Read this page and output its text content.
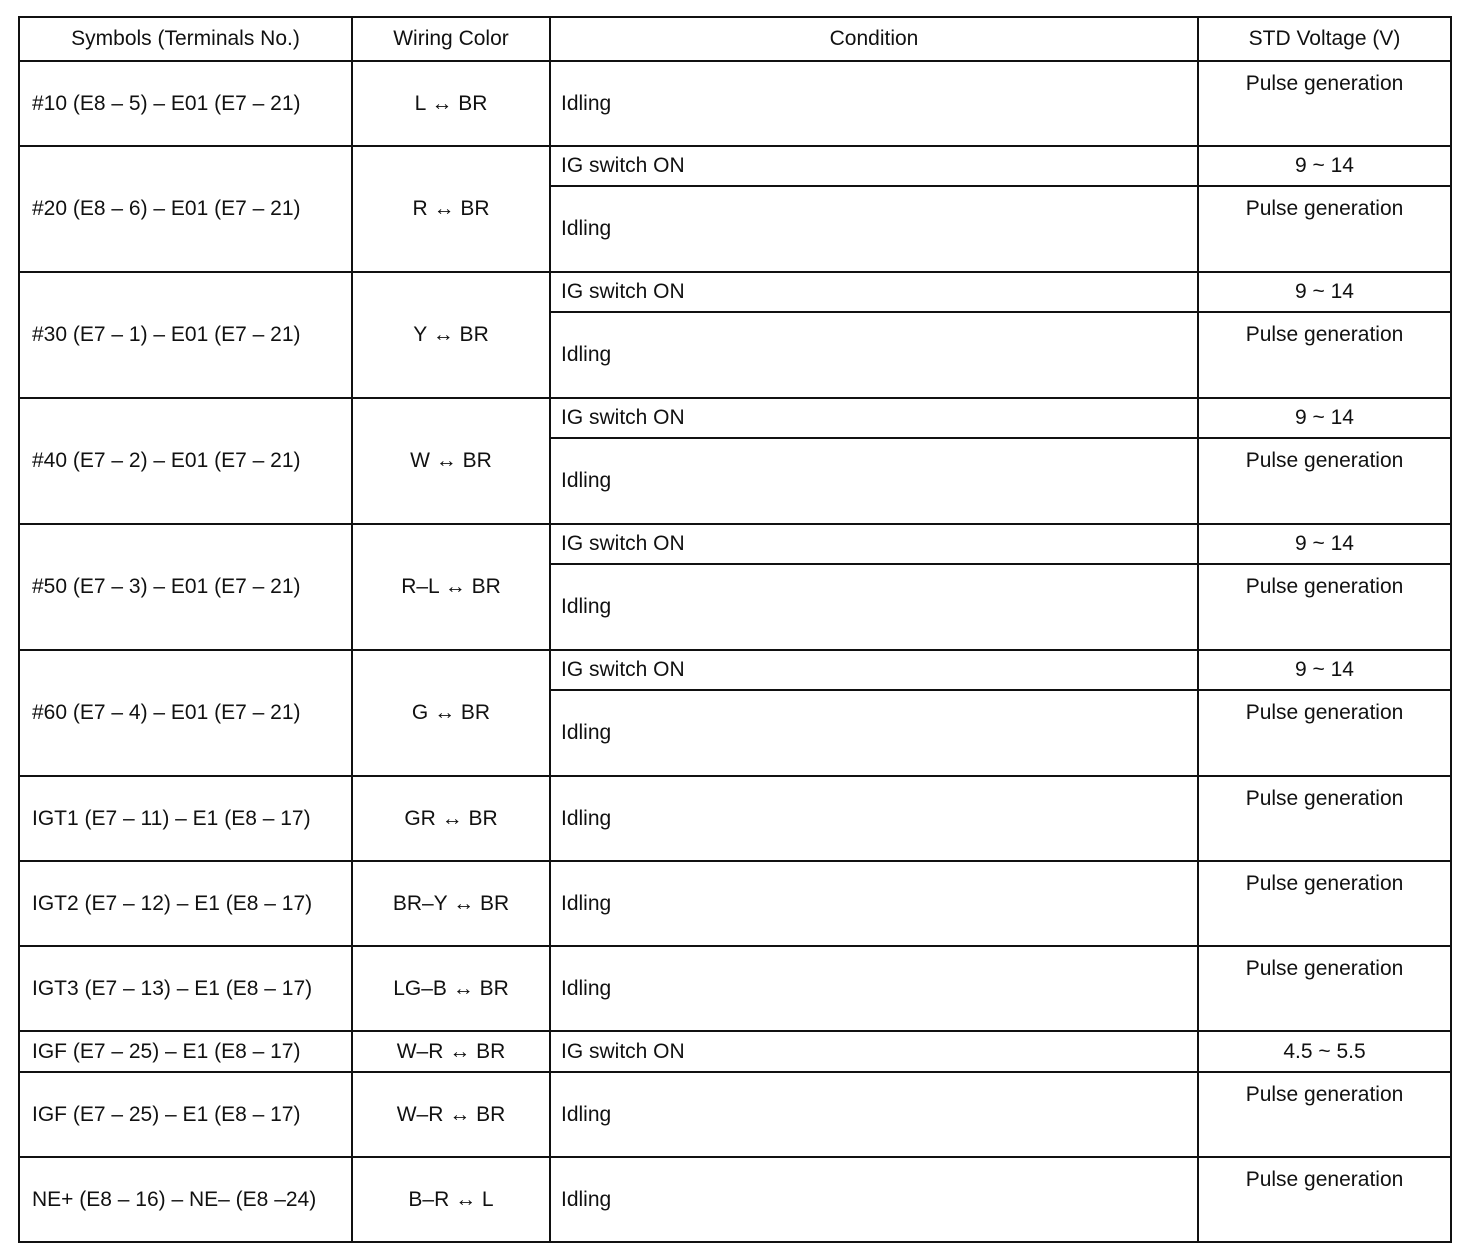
Symbols (Terminals No.)	Wiring Color	Condition	STD Voltage (V)
#10 (E8 – 5) – E01 (E7 – 21)	L ↔ BR	Idling	Pulse generation
#20 (E8 – 6) – E01 (E7 – 21)	R ↔ BR	IG switch ON	9 ~ 14
		Idling	Pulse generation
#30 (E7 – 1) – E01 (E7 – 21)	Y ↔ BR	IG switch ON	9 ~ 14
		Idling	Pulse generation
#40 (E7 – 2) – E01 (E7 – 21)	W ↔ BR	IG switch ON	9 ~ 14
		Idling	Pulse generation
#50 (E7 – 3) – E01 (E7 – 21)	R–L ↔ BR	IG switch ON	9 ~ 14
		Idling	Pulse generation
#60 (E7 – 4) – E01 (E7 – 21)	G ↔ BR	IG switch ON	9 ~ 14
		Idling	Pulse generation
IGT1 (E7 – 11) – E1 (E8 – 17)	GR ↔ BR	Idling	Pulse generation
IGT2 (E7 – 12) – E1 (E8 – 17)	BR–Y ↔ BR	Idling	Pulse generation
IGT3 (E7 – 13) – E1 (E8 – 17)	LG–B ↔ BR	Idling	Pulse generation
IGF (E7 – 25) – E1 (E8 – 17)	W–R ↔ BR	IG switch ON	4.5 ~ 5.5
IGF (E7 – 25) – E1 (E8 – 17)	W–R ↔ BR	Idling	Pulse generation
NE+ (E8 – 16) – NE– (E8 –24)	B–R ↔ L	Idling	Pulse generation
